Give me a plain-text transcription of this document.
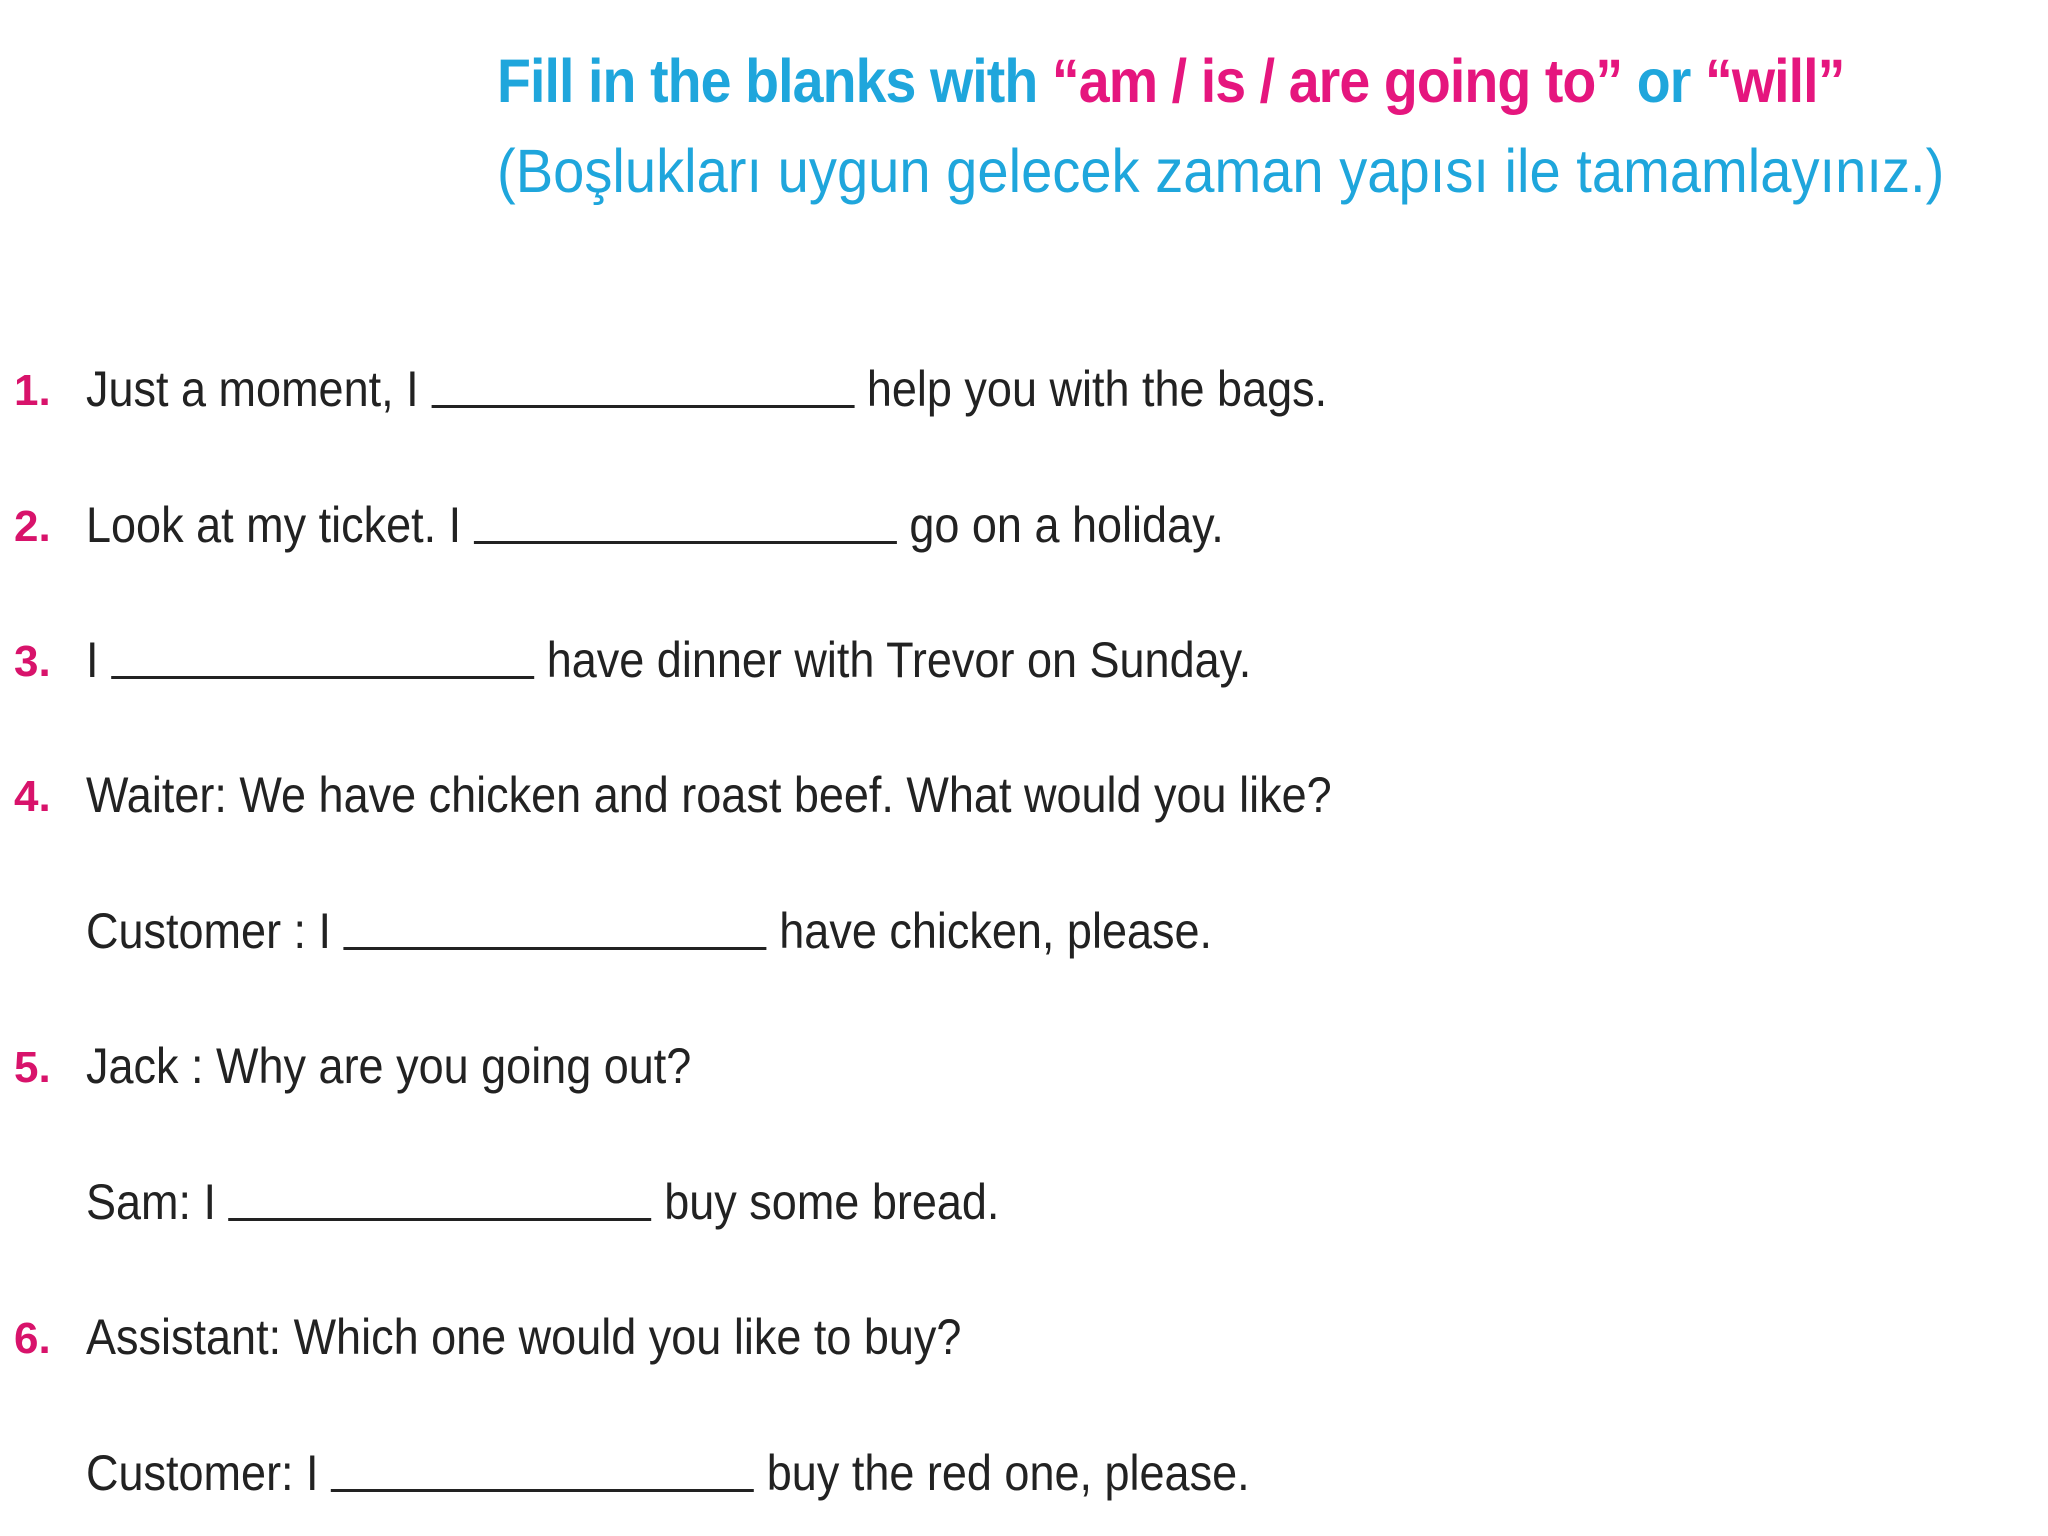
Fill in the blanks with “am / is / are going to” or “will”
(Boşlukları uygun gelecek zaman yapısı ile tamamlayınız.)
1. Just a moment, I	help you with the bags.
2. Look at my ticket. I	go on a holiday.
3. I	have dinner with Trevor on Sunday.
4. Waiter: We have chicken and roast beef. What would you like?
Customer : I	have chicken, please.
5. Jack : Why are you going out?
Sam: I	buy some bread.
6. Assistant: Which one would you like to buy?
Customer: I	buy the red one, please.
